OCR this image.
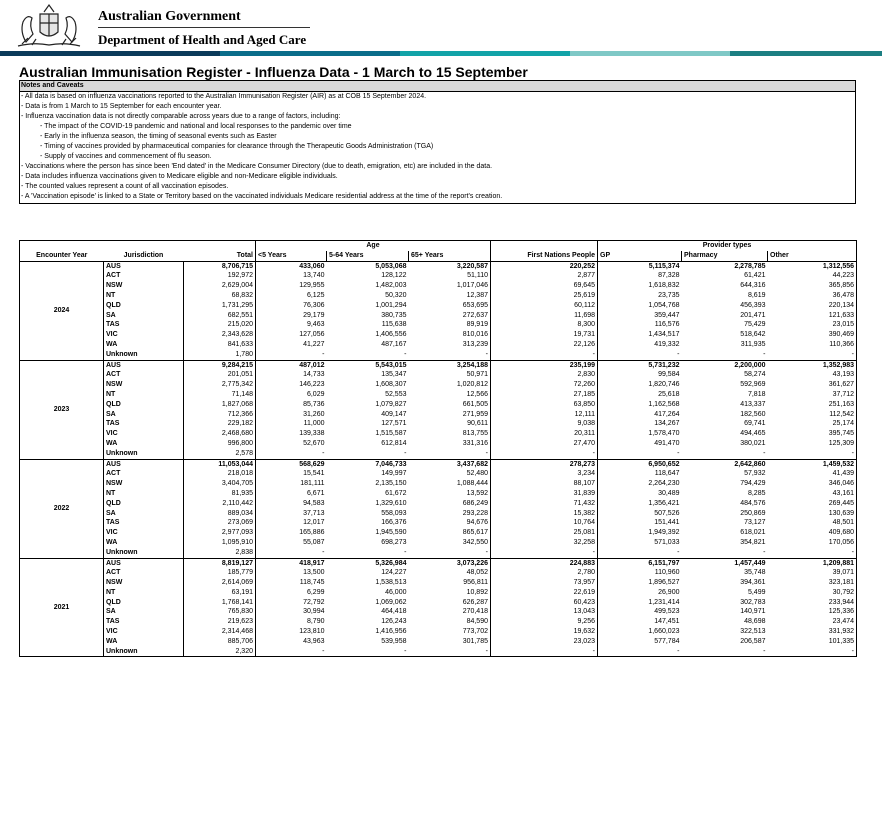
Australian Government
Department of Health and Aged Care
Australian Immunisation Register - Influenza Data - 1 March to 15 September
Notes and Caveats
- All data is based on influenza vaccinations reported to the Australian Immunisation Register (AIR) as at COB 15 September 2024.
- Data is from 1 March to 15 September for each encounter year.
- Influenza vaccination data is not directly comparable across years due to a range of factors, including:
- The impact of the COVID-19 pandemic and national and local responses to the pandemic over time
- Early in the influenza season, the timing of seasonal events such as Easter
- Timing of vaccines provided by pharmaceutical companies for clearance through the Therapeutic Goods Administration (TGA)
- Supply of vaccines and commencement of flu season.
- Vaccinations where the person has since been 'End dated' in the Medicare Consumer Directory (due to death, emigration, etc) are included in the data.
- Data includes influenza vaccinations given to Medicare eligible and non-Medicare eligible individuals.
- The counted values represent a count of all vaccination episodes.
- A 'Vaccination episode' is linked to a State or Territory based on the vaccinated individuals Medicare residential address at the time of the report's creation.
			Age				Provider types		
Encounter Year	Jurisdiction	Total	<5 Years	5-64 Years	65+ Years	First Nations People	GP	Pharmacy	Other
2024	AUS	8,706,715	433,060	5,053,068	3,220,587	220,252	5,115,374	2,278,785	1,312,556
	ACT	192,972	13,740	128,122	51,110	2,877	87,328	61,421	44,223
	NSW	2,629,004	129,955	1,482,003	1,017,046	69,645	1,618,832	644,316	365,856
	NT	68,832	6,125	50,320	12,387	25,619	23,735	8,619	36,478
	QLD	1,731,295	76,306	1,001,294	653,695	60,112	1,054,768	456,393	220,134
	SA	682,551	29,179	380,735	272,637	11,698	359,447	201,471	121,633
	TAS	215,020	9,463	115,638	89,919	8,300	116,576	75,429	23,015
	VIC	2,343,628	127,056	1,406,556	810,016	19,731	1,434,517	518,642	390,469
	WA	841,633	41,227	487,167	313,239	22,126	419,332	311,935	110,366
	Unknown	1,780	-	-	-	-	-	-	-
2023	AUS	9,284,215	487,012	5,543,015	3,254,188	235,199	5,731,232	2,200,000	1,352,983
	ACT	201,051	14,733	135,347	50,971	2,830	99,584	58,274	43,193
	NSW	2,775,342	146,223	1,608,307	1,020,812	72,260	1,820,746	592,969	361,627
	NT	71,148	6,029	52,553	12,566	27,185	25,618	7,818	37,712
	QLD	1,827,068	85,736	1,079,827	661,505	63,850	1,162,568	413,337	251,163
	SA	712,366	31,260	409,147	271,959	12,111	417,264	182,560	112,542
	TAS	229,182	11,000	127,571	90,611	9,038	134,267	69,741	25,174
	VIC	2,468,680	139,338	1,515,587	813,755	20,311	1,578,470	494,465	395,745
	WA	996,800	52,670	612,814	331,316	27,470	491,470	380,021	125,309
	Unknown	2,578	-	-	-	-	-	-	-
2022	AUS	11,053,044	568,629	7,046,733	3,437,682	278,273	6,950,652	2,642,860	1,459,532
	ACT	218,018	15,541	149,997	52,480	3,234	118,647	57,932	41,439
	NSW	3,404,705	181,111	2,135,150	1,088,444	88,107	2,264,230	794,429	346,046
	NT	81,935	6,671	61,672	13,592	31,839	30,489	8,285	43,161
	QLD	2,110,442	94,583	1,329,610	686,249	71,432	1,356,421	484,576	269,445
	SA	889,034	37,713	558,093	293,228	15,382	507,526	250,869	130,639
	TAS	273,069	12,017	166,376	94,676	10,764	151,441	73,127	48,501
	VIC	2,977,093	165,886	1,945,590	865,617	25,081	1,949,392	618,021	409,680
	WA	1,095,910	55,087	698,273	342,550	32,258	571,033	354,821	170,056
	Unknown	2,838	-	-	-	-	-	-	-
2021	AUS	8,819,127	418,917	5,326,984	3,073,226	224,883	6,151,797	1,457,449	1,209,881
	ACT	185,779	13,500	124,227	48,052	2,780	110,960	35,748	39,071
	NSW	2,614,069	118,745	1,538,513	956,811	73,957	1,896,527	394,361	323,181
	NT	63,191	6,299	46,000	10,892	22,619	26,900	5,499	30,792
	QLD	1,768,141	72,792	1,069,062	626,287	60,423	1,231,414	302,783	233,944
	SA	765,830	30,994	464,418	270,418	13,043	499,523	140,971	125,336
	TAS	219,623	8,790	126,243	84,590	9,256	147,451	48,698	23,474
	VIC	2,314,468	123,810	1,416,956	773,702	19,632	1,660,023	322,513	331,932
	WA	885,706	43,963	539,958	301,785	23,023	577,784	206,587	101,335
	Unknown	2,320	-	-	-	-	-	-	-
